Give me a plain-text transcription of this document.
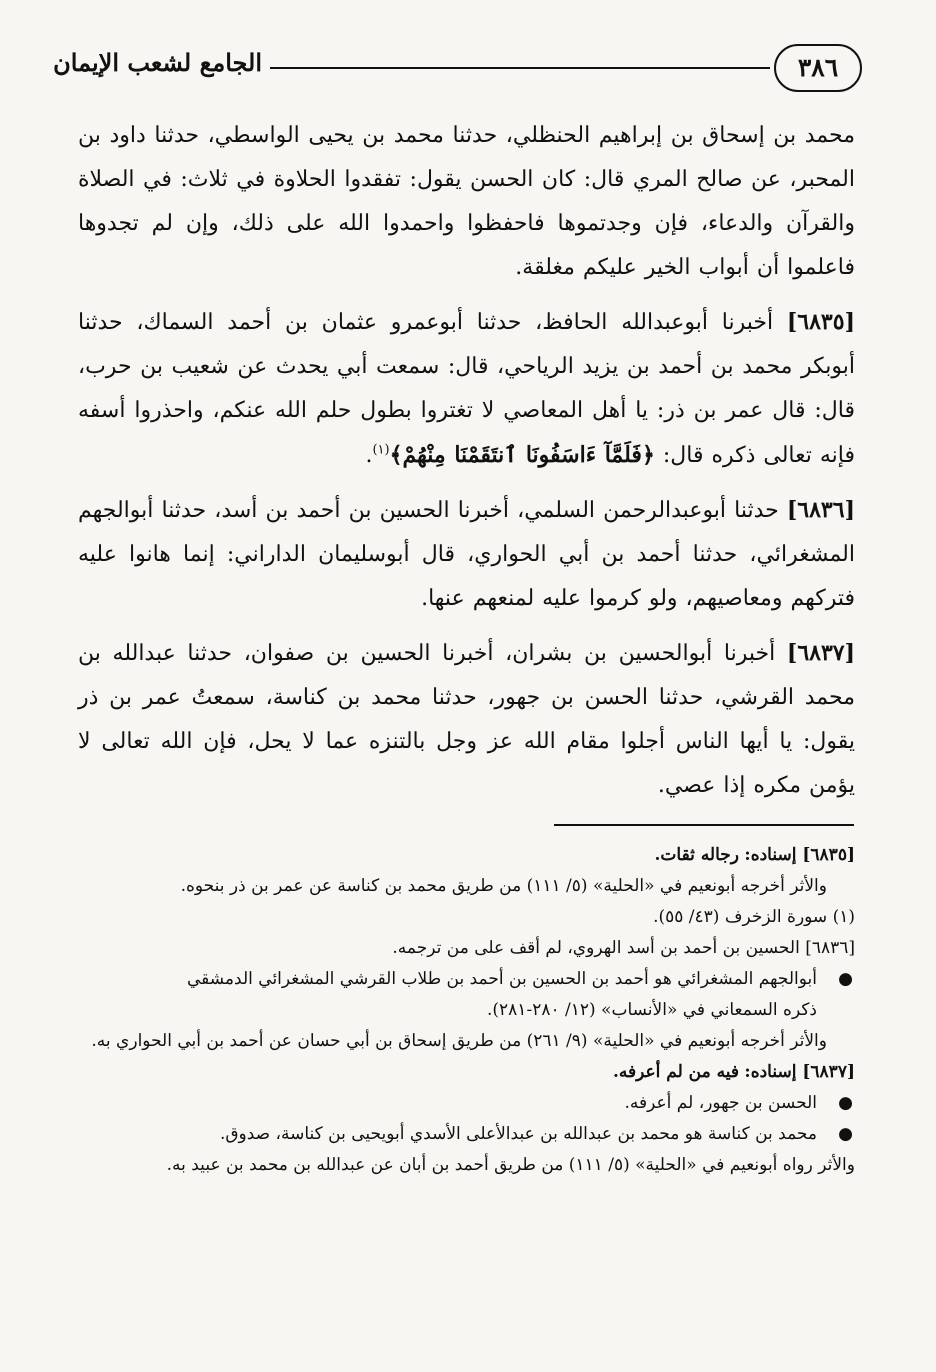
٣٨٦
الجامع لشعب الإيمان

محمد بن إسحاق بن إبراهيم الحنظلي، حدثنا محمد بن يحيى الواسطي، حدثنا داود بن المحبر، عن صالح المري قال: كان الحسن يقول: تفقدوا الحلاوة في ثلاث: في الصلاة والقرآن والدعاء، فإن وجدتموها فاحفظوا واحمدوا الله على ذلك، وإن لم تجدوها فاعلموا أن أبواب الخير عليكم مغلقة.

[٦٨٣٥] أخبرنا أبوعبدالله الحافظ، حدثنا أبوعمرو عثمان بن أحمد السماك، حدثنا أبوبكر محمد بن أحمد بن يزيد الرياحي، قال: سمعت أبي يحدث عن شعيب بن حرب، قال: قال عمر بن ذر: يا أهل المعاصي لا تغتروا بطول حلم الله عنكم، واحذروا أسفه فإنه تعالى ذكره قال: ﴿فَلَمَّآ ءَاسَفُونَا ٱنتَقَمْنَا مِنْهُمْ﴾$^{(١)}$.

[٦٨٣٦] حدثنا أبوعبدالرحمن السلمي، أخبرنا الحسين بن أحمد بن أسد، حدثنا أبوالجهم المشغرائي، حدثنا أحمد بن أبي الحواري، قال أبوسليمان الداراني: إنما هانوا عليه فتركهم ومعاصيهم، ولو كرموا عليه لمنعهم عنها.

[٦٨٣٧] أخبرنا أبوالحسين بن بشران، أخبرنا الحسين بن صفوان، حدثنا عبدالله بن محمد القرشي، حدثنا الحسن بن جهور، حدثنا محمد بن كناسة، سمعتُ عمر بن ذر يقول: يا أيها الناس أجلوا مقام الله عز وجل بالتنزه عما لا يحل، فإن الله تعالى لا يؤمن مكره إذا عصي.

[٦٨٣٥] إسناده: رجاله ثقات.

والأثر أخرجه أبونعيم في «الحلية» (٥/ ١١١) من طريق محمد بن كناسة عن عمر بن ذر بنحوه.

(١) سورة الزخرف (٤٣/ ٥٥).

[٦٨٣٦] الحسين بن أحمد بن أسد الهروي، لم أقف على من ترجمه.

●
أبوالجهم المشغرائي هو أحمد بن الحسين بن أحمد بن طلاب القرشي المشغرائي الدمشقي
ذكره السمعاني في «الأنساب» (١٢/ ٢٨٠-٢٨١).

والأثر أخرجه أبونعيم في «الحلية» (٩/ ٢٦١) من طريق إسحاق بن أبي حسان عن أحمد بن أبي الحواري به.

[٦٨٣٧] إسناده: فيه من لم أعرفه.

●
الحسن بن جهور، لم أعرفه.

●
محمد بن كناسة هو محمد بن عبدالله بن عبدالأعلى الأسدي أبويحيى بن كناسة، صدوق.

والأثر رواه أبونعيم في «الحلية» (٥/ ١١١) من طريق أحمد بن أبان عن عبدالله بن محمد بن عبيد به.
